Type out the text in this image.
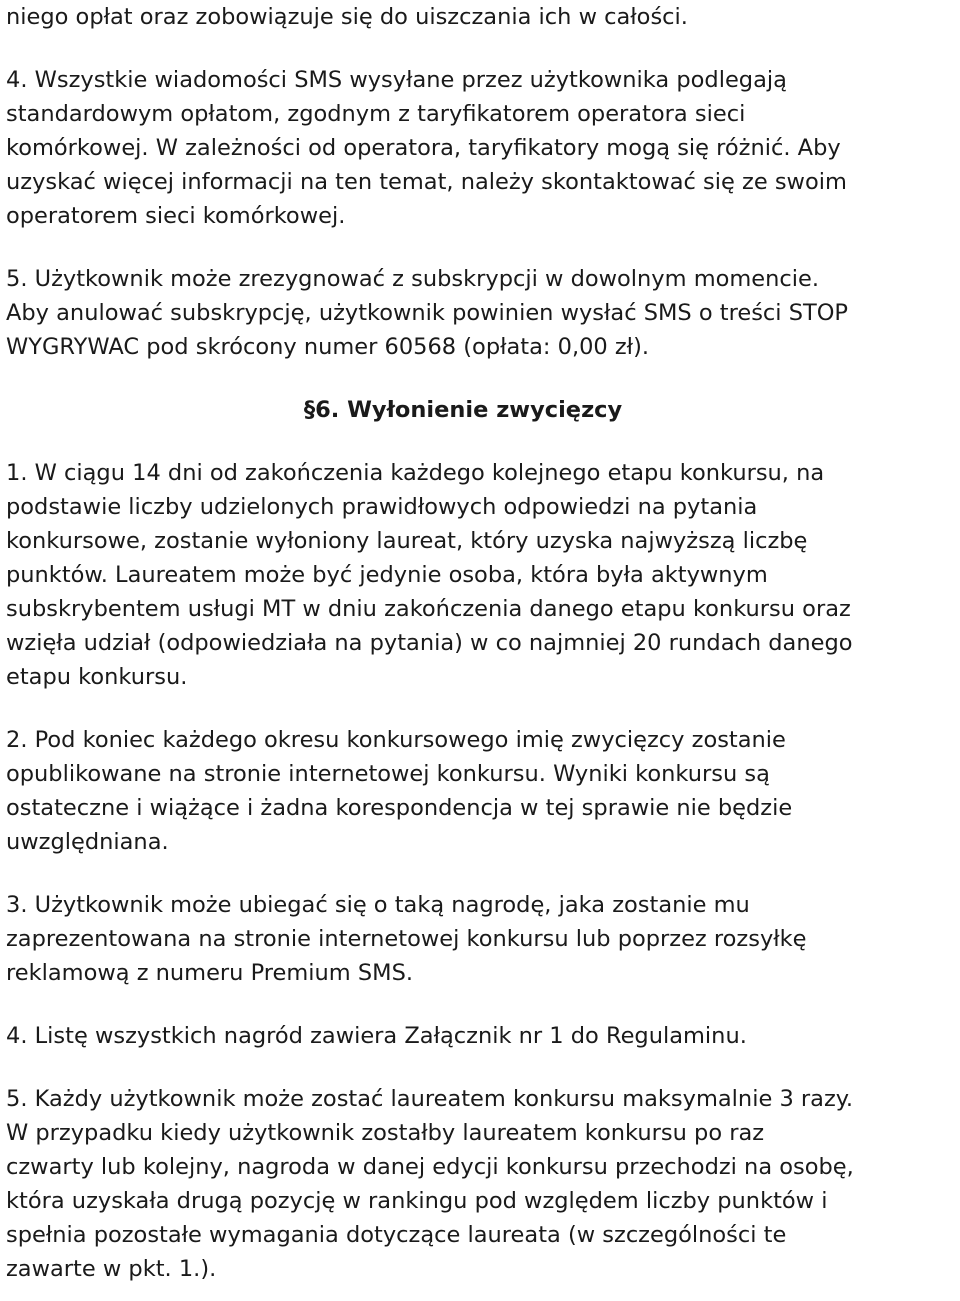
niego opłat oraz zobowiązuje się do uiszczania ich w całości.

4. Wszystkie wiadomości SMS wysyłane przez użytkownika podlegają
standardowym opłatom, zgodnym z taryfikatorem operatora sieci
komórkowej. W zależności od operatora, taryfikatory mogą się różnić. Aby
uzyskać więcej informacji na ten temat, należy skontaktować się ze swoim
operatorem sieci komórkowej.

5. Użytkownik może zrezygnować z subskrypcji w dowolnym momencie.
Aby anulować subskrypcję, użytkownik powinien wysłać SMS o treści STOP
WYGRYWAC pod skrócony numer 60568 (opłata: 0,00 zł).

§6. Wyłonienie zwycięzcy

1. W ciągu 14 dni od zakończenia każdego kolejnego etapu konkursu, na
podstawie liczby udzielonych prawidłowych odpowiedzi na pytania
konkursowe, zostanie wyłoniony laureat, który uzyska najwyższą liczbę
punktów. Laureatem może być jedynie osoba, która była aktywnym
subskrybentem usługi MT w dniu zakończenia danego etapu konkursu oraz
wzięła udział (odpowiedziała na pytania) w co najmniej 20 rundach danego
etapu konkursu.

2. Pod koniec każdego okresu konkursowego imię zwycięzcy zostanie
opublikowane na stronie internetowej konkursu. Wyniki konkursu są
ostateczne i wiążące i żadna korespondencja w tej sprawie nie będzie
uwzględniana.

3. Użytkownik może ubiegać się o taką nagrodę, jaka zostanie mu
zaprezentowana na stronie internetowej konkursu lub poprzez rozsyłkę
reklamową z numeru Premium SMS.

4. Listę wszystkich nagród zawiera Załącznik nr 1 do Regulaminu.

5. Każdy użytkownik może zostać laureatem konkursu maksymalnie 3 razy.
W przypadku kiedy użytkownik zostałby laureatem konkursu po raz
czwarty lub kolejny, nagroda w danej edycji konkursu przechodzi na osobę,
która uzyskała drugą pozycję w rankingu pod względem liczby punktów i
spełnia pozostałe wymagania dotyczące laureata (w szczególności te
zawarte w pkt. 1.).
